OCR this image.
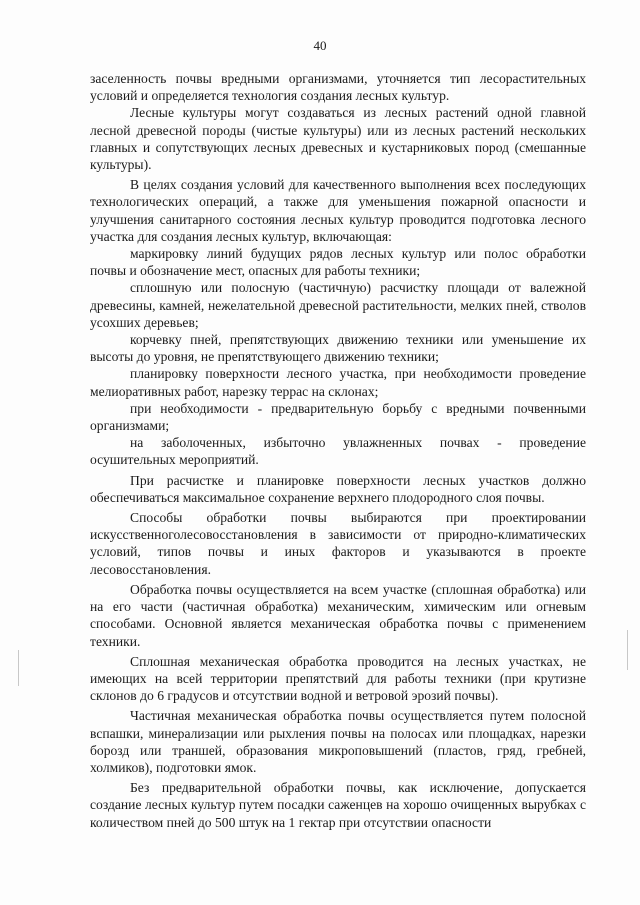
40

заселенность почвы вредными организмами, уточняется тип лесорастительных условий и определяется технология создания лесных культур.

Лесные культуры могут создаваться из лесных растений одной главной лесной древесной породы (чистые культуры) или из лесных растений нескольких главных и сопутствующих лесных древесных и кустарниковых пород (смешанные культуры).

В целях создания условий для качественного выполнения всех последующих технологических операций, а также для уменьшения пожарной опасности и улучшения санитарного состояния лесных культур проводится подготовка лесного участка для создания лесных культур, включающая:

маркировку линий будущих рядов лесных культур или полос обработки почвы и обозначение мест, опасных для работы техники;

сплошную или полосную (частичную) расчистку площади от валежной древесины, камней, нежелательной древесной растительности, мелких пней, стволов усохших деревьев;

корчевку пней, препятствующих движению техники или уменьшение их высоты до уровня, не препятствующего движению техники;

планировку поверхности лесного участка, при необходимости проведение мелиоративных работ, нарезку террас на склонах;

при необходимости - предварительную борьбу с вредными почвенными организмами;

на заболоченных, избыточно увлажненных почвах - проведение осушительных мероприятий.

При расчистке и планировке поверхности лесных участков должно обеспечиваться максимальное сохранение верхнего плодородного слоя почвы.

Способы обработки почвы выбираются при проектировании искусственноголесовосстановления в зависимости от природно-климатических условий, типов почвы и иных факторов и указываются в проекте лесовосстановления.

Обработка почвы осуществляется на всем участке (сплошная обработка) или на его части (частичная обработка) механическим, химическим или огневым способами. Основной является механическая обработка почвы с применением техники.

Сплошная механическая обработка проводится на лесных участках, не имеющих на всей территории препятствий для работы техники (при крутизне склонов до 6 градусов и отсутствии водной и ветровой эрозий почвы).

Частичная механическая обработка почвы осуществляется путем полосной вспашки, минерализации или рыхления почвы на полосах или площадках, нарезки борозд или траншей, образования микроповышений (пластов, гряд, гребней, холмиков), подготовки ямок.

Без предварительной обработки почвы, как исключение, допускается создание лесных культур путем посадки саженцев на хорошо очищенных вырубках с количеством пней до 500 штук на 1 гектар при отсутствии опасности
